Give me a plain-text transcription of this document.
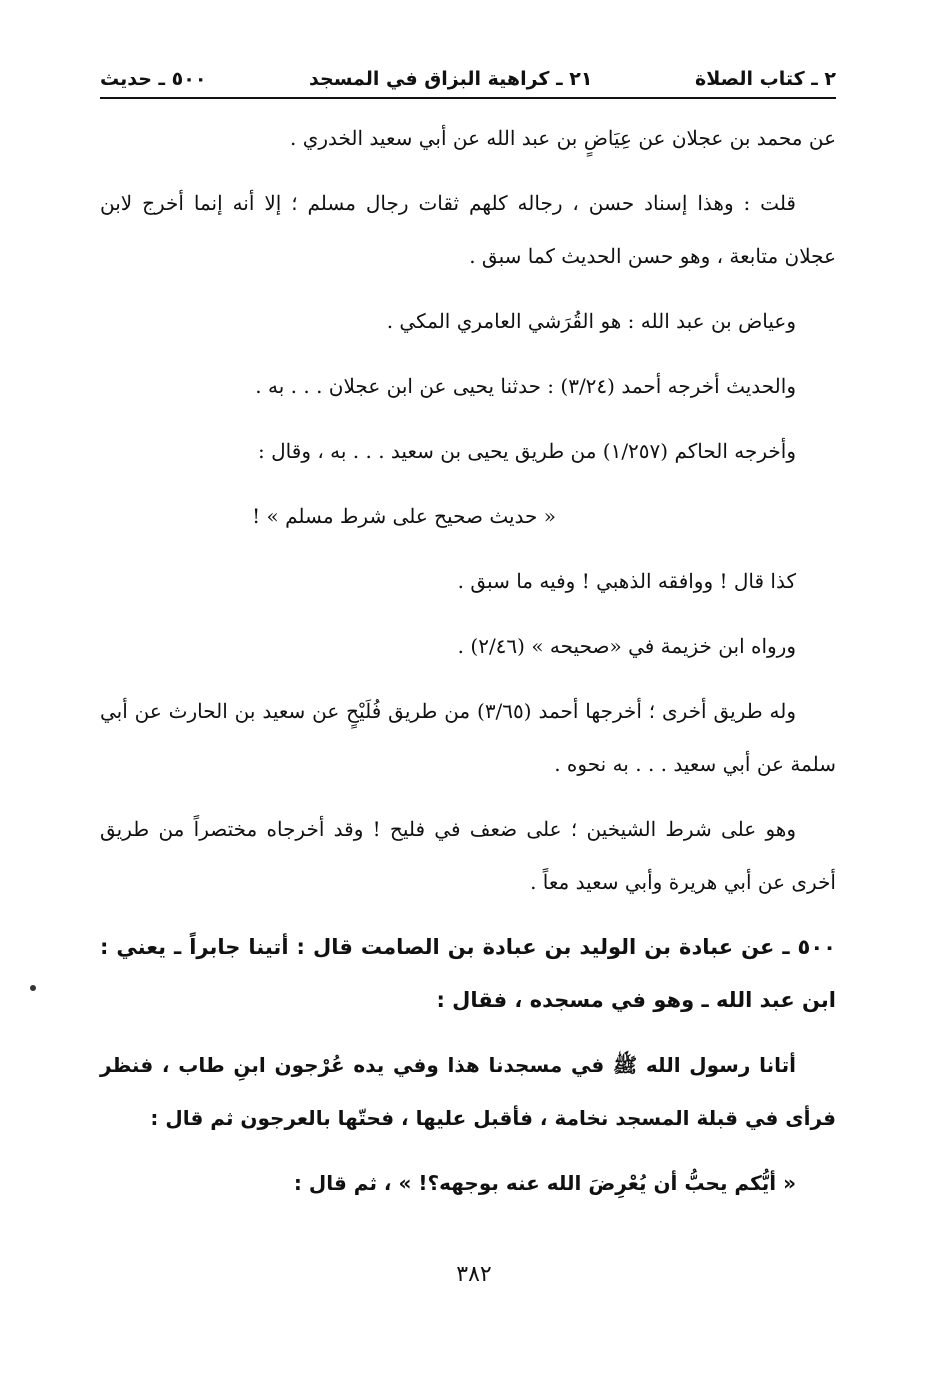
٢ ـ كتاب الصلاة
٢١ ـ كراهية البزاق في المسجد
٥٠٠ ـ حديث

عن محمد بن عجلان عن عِيَاضٍ بن عبد الله عن أبي سعيد الخدري .

قلت : وهذا إسناد حسن ، رجاله كلهم ثقات رجال مسلم ؛ إلا أنه إنما أخرج لابن عجلان متابعة ، وهو حسن الحديث كما سبق .

وعياض بن عبد الله : هو القُرَشي العامري المكي .

والحديث أخرجه أحمد (٣/٢٤) : حدثنا يحيى عن ابن عجلان . . . به .

وأخرجه الحاكم (١/٢٥٧) من طريق يحيى بن سعيد . . . به ، وقال :

« حديث صحيح على شرط مسلم » !

كذا قال ! ووافقه الذهبي ! وفيه ما سبق .

ورواه ابن خزيمة في «صحيحه » (٢/٤٦) .

وله طريق أخرى ؛ أخرجها أحمد (٣/٦٥) من طريق فُلَيْحٍ عن سعيد بن الحارث عن أبي سلمة عن أبي سعيد . . . به نحوه .

وهو على شرط الشيخين ؛ على ضعف في فليح ! وقد أخرجاه مختصراً من طريق أخرى عن أبي هريرة وأبي سعيد معاً .

٥٠٠ ـ عن عبادة بن الوليد بن عبادة بن الصامت قال : أتينا جابراً ـ يعني : ابن عبد الله ـ وهو في مسجده ، فقال :

أتانا رسول الله ﷺ في مسجدنا هذا وفي يده عُرْجون ابنِ طاب ، فنظر فرأى في قبلة المسجد نخامة ، فأقبل عليها ، فحتّها بالعرجون ثم قال :

« أيُّكم يحبُّ أن يُعْرِضَ الله عنه بوجهه؟! » ، ثم قال :

٣٨٢
